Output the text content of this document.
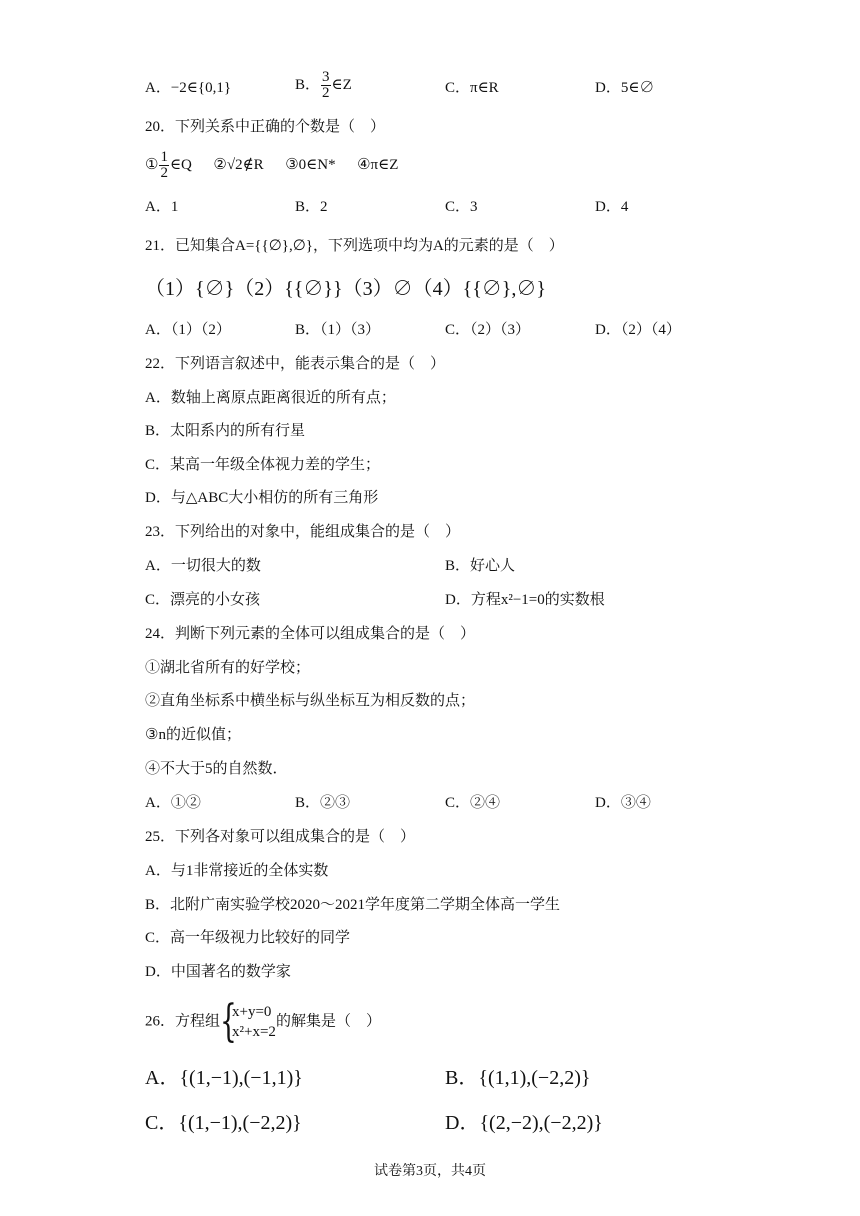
A．−2∈{0,1}	B． $\frac{3}{2}$ ∈Z	C．π∈R	D．5∈∅
20．下列关系中正确的个数是（　）
① $\frac{1}{2}$ ∈Q ②√2∉R ③0∈N* ④π∈Z
A．1	B．2	C．3	D．4
21．已知集合A={{∅},∅}，下列选项中均为A的元素的是（　）
（1）{∅}（2）{{∅}}（3）∅（4）{{∅},∅}
A．（1）（2）	B．（1）（3）	C．（2）（3）	D．（2）（4）
22．下列语言叙述中，能表示集合的是（　）
A．数轴上离原点距离很近的所有点；
B．太阳系内的所有行星
C．某高一年级全体视力差的学生；
D．与△ABC大小相仿的所有三角形
23．下列给出的对象中，能组成集合的是（　）
A．一切很大的数	B．好心人
C．漂亮的小女孩	D．方程x²−1=0的实数根
24．判断下列元素的全体可以组成集合的是（　）
①湖北省所有的好学校；
②直角坐标系中横坐标与纵坐标互为相反数的点；
③n的近似值；
④不大于5的自然数．
A．①②	B．②③	C．②④	D．③④
25．下列各对象可以组成集合的是（　）
A．与1非常接近的全体实数
B．北附广南实验学校2020～2021学年度第二学期全体高一学生
C．高一年级视力比较好的同学
D．中国著名的数学家
26．方程组 {
x+y=0
x²+x=2
的解集是（　）
A．{(1,−1),(−1,1)}	B．{(1,1),(−2,2)}
C．{(1,−1),(−2,2)}	D．{(2,−2),(−2,2)}
试卷第3页，共4页
